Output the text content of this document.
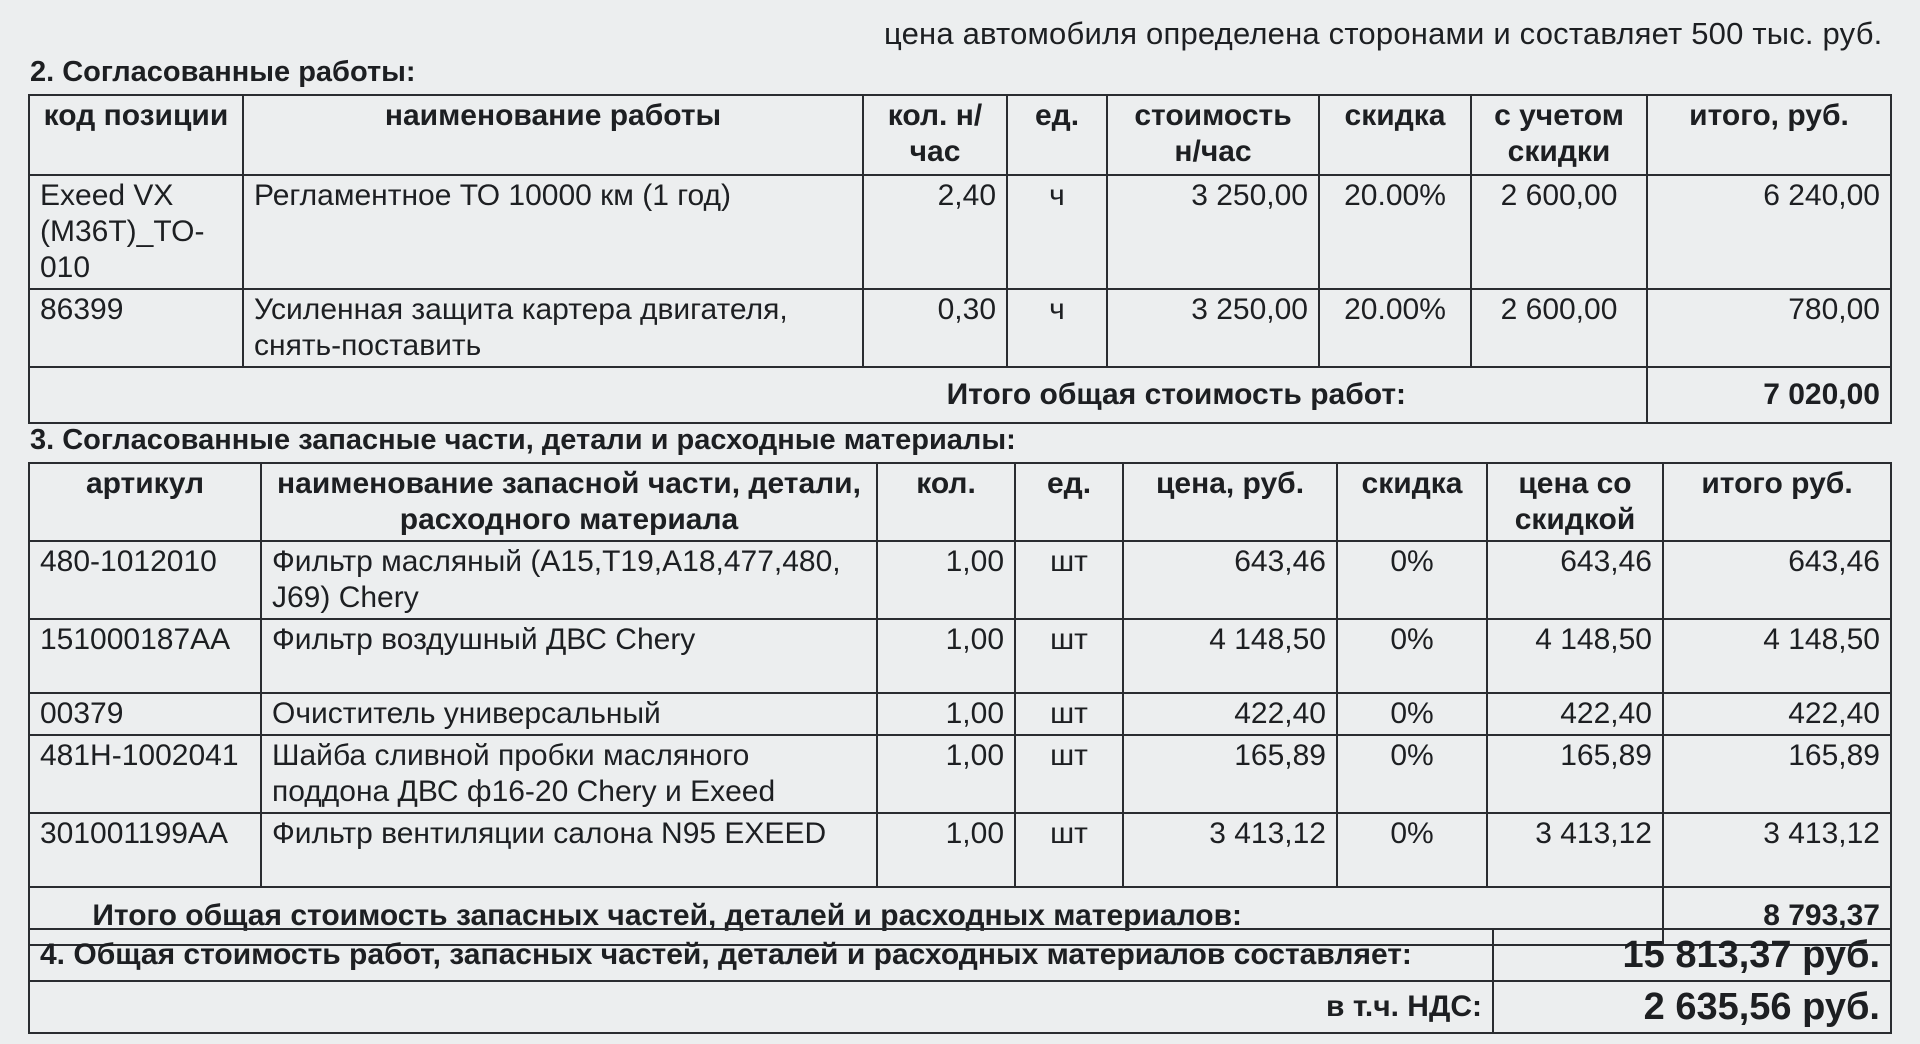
цена автомобиля определена сторонами и составляет 500 тыс. руб.
2. Согласованные работы:
код позиции	наименование работы	кол. н/час	ед.	стоимость н/час	скидка	с учетом скидки	итого, руб.
Exeed VX (M36T)_TO-010	Регламентное ТО 10000 км (1 год)	2,40	ч	3 250,00	20.00%	2 600,00	6 240,00
86399	Усиленная защита картера двигателя, снять-поставить	0,30	ч	3 250,00	20.00%	2 600,00	780,00
Итого общая стоимость работ:							7 020,00
3. Согласованные запасные части, детали и расходные материалы:
артикул	наименование запасной части, детали, расходного материала	кол.	ед.	цена, руб.	скидка	цена со скидкой	итого руб.
480-1012010	Фильтр масляный (A15,T19,A18,477,480, J69) Chery	1,00	шт	643,46	0%	643,46	643,46
151000187AA	Фильтр воздушный ДВС Chery	1,00	шт	4 148,50	0%	4 148,50	4 148,50
00379	Очиститель универсальный	1,00	шт	422,40	0%	422,40	422,40
481H-1002041	Шайба сливной пробки масляного поддона ДВС ф16-20 Chery и Exeed	1,00	шт	165,89	0%	165,89	165,89
301001199AA	Фильтр вентиляции салона N95 EXEED	1,00	шт	3 413,12	0%	3 413,12	3 413,12
Итого общая стоимость запасных частей, деталей и расходных материалов:							8 793,37
4. Общая стоимость работ, запасных частей, деталей и расходных материалов составляет:	15 813,37 руб.
в т.ч. НДС:	2 635,56 руб.
